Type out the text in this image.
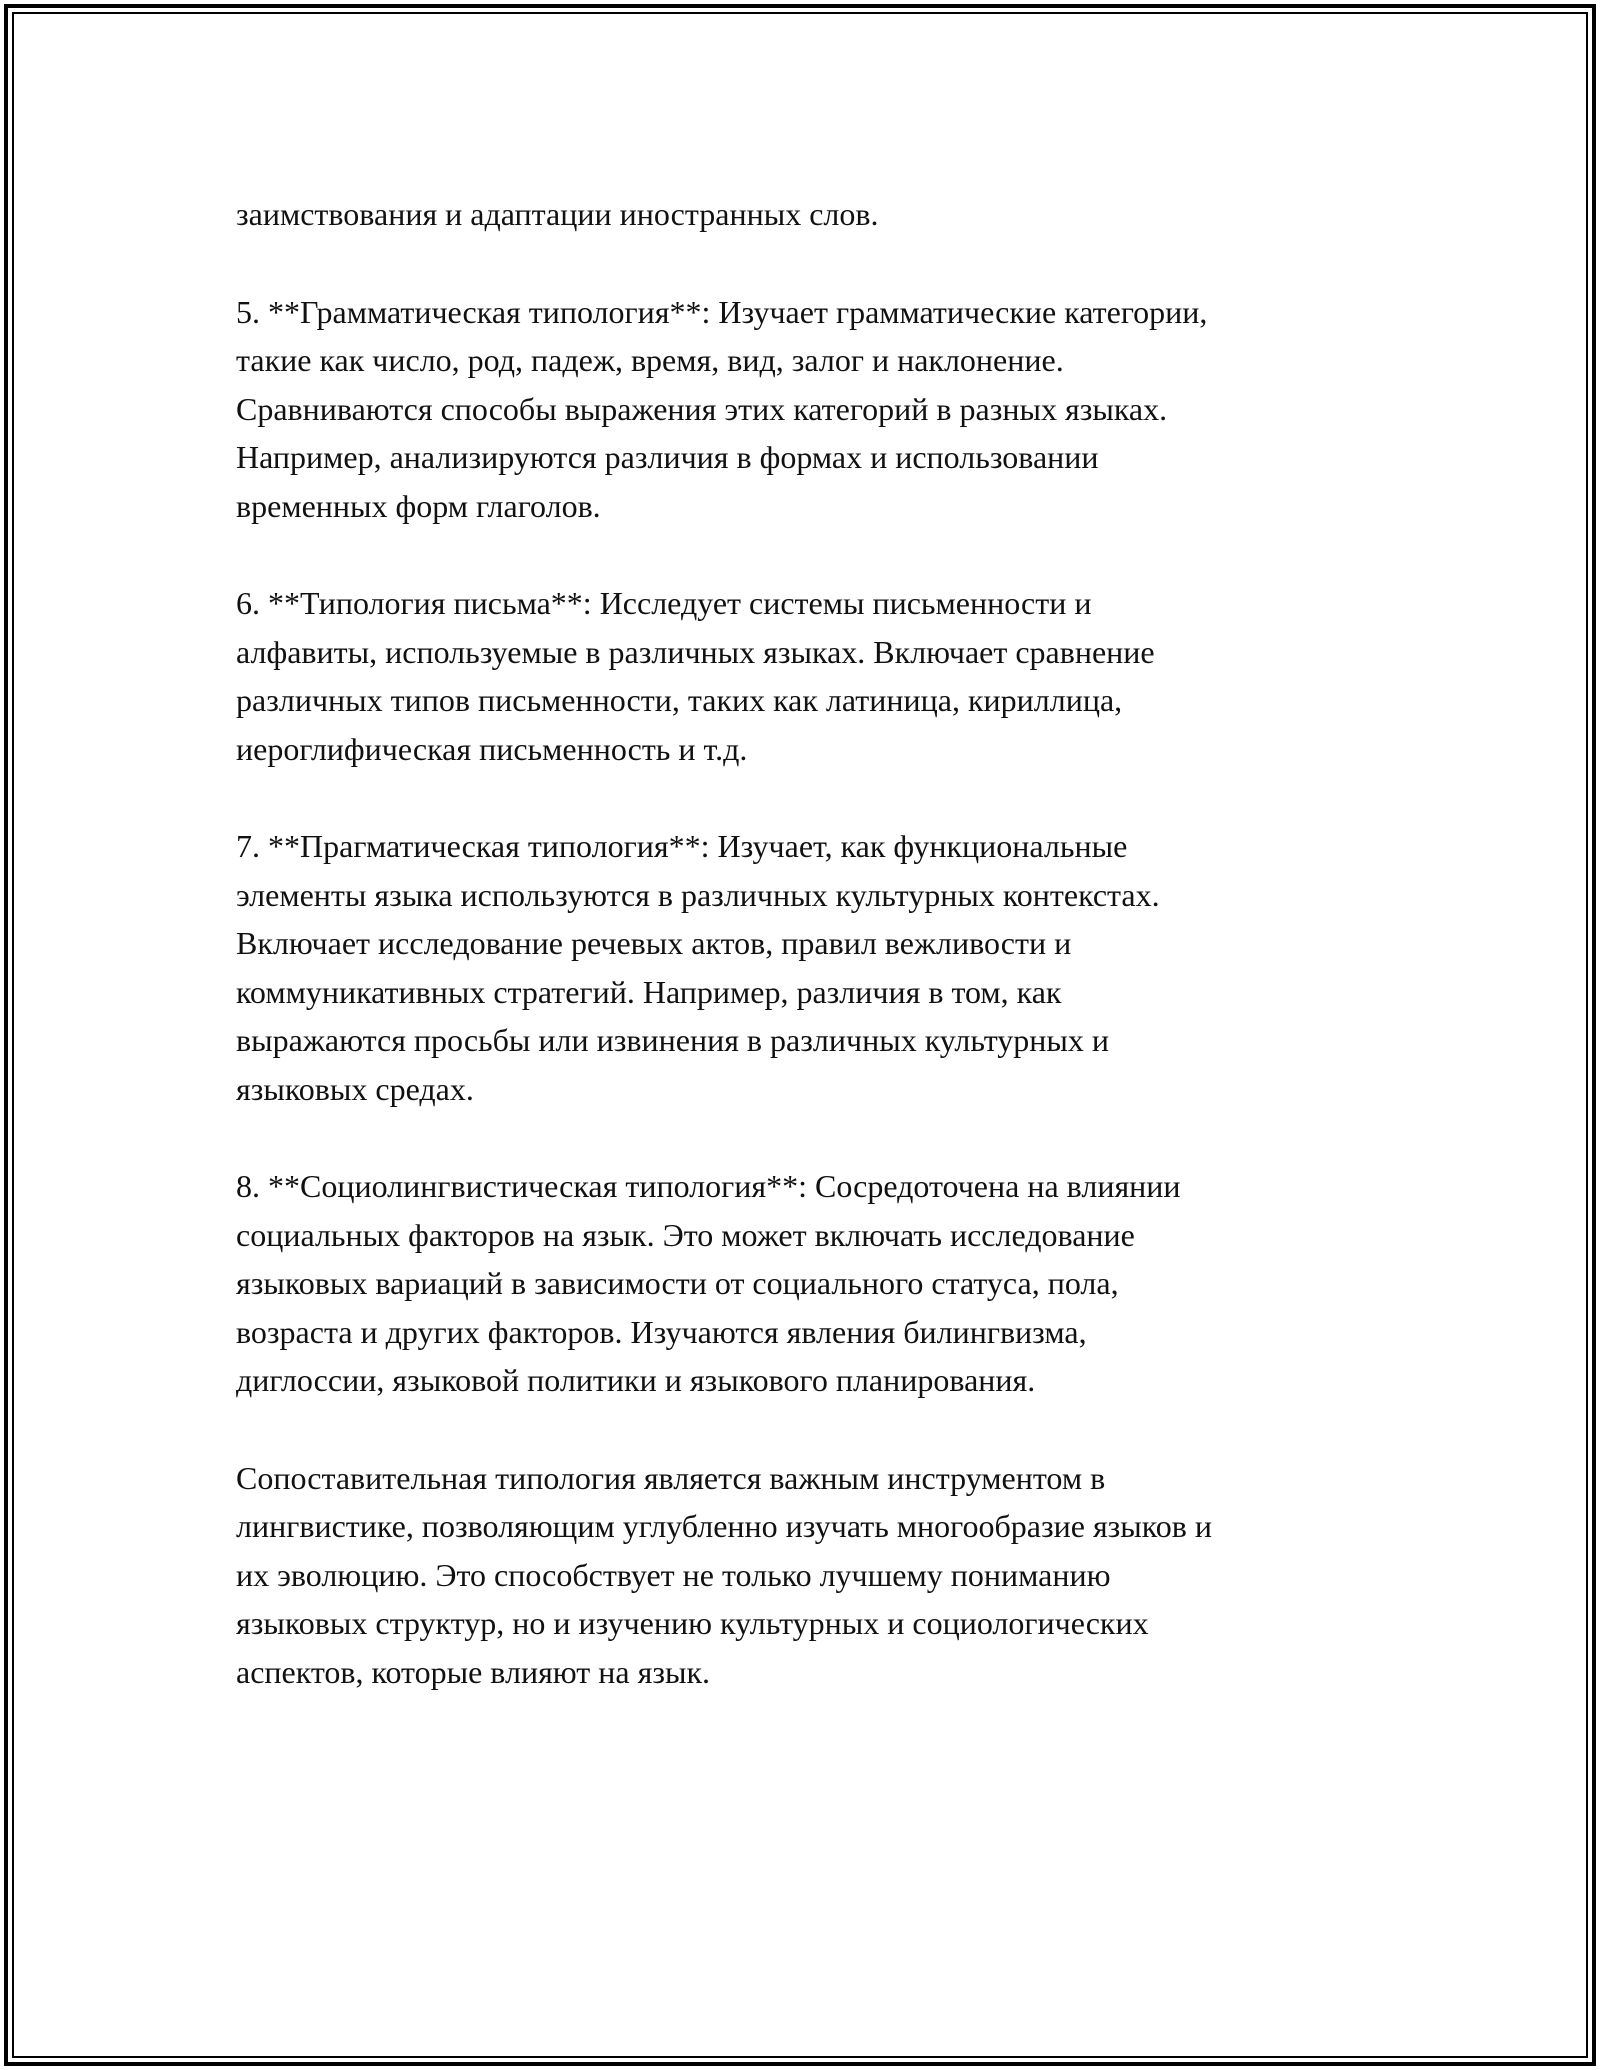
заимствования и адаптации иностранных слов.

5. **Грамматическая типология**: Изучает грамматические категории,
такие как число, род, падеж, время, вид, залог и наклонение.
Сравниваются способы выражения этих категорий в разных языках.
Например, анализируются различия в формах и использовании
временных форм глаголов.

6. **Типология письма**: Исследует системы письменности и
алфавиты, используемые в различных языках. Включает сравнение
различных типов письменности, таких как латиница, кириллица,
иероглифическая письменность и т.д.

7. **Прагматическая типология**: Изучает, как функциональные
элементы языка используются в различных культурных контекстах.
Включает исследование речевых актов, правил вежливости и
коммуникативных стратегий. Например, различия в том, как
выражаются просьбы или извинения в различных культурных и
языковых средах.

8. **Социолингвистическая типология**: Сосредоточена на влиянии
социальных факторов на язык. Это может включать исследование
языковых вариаций в зависимости от социального статуса, пола,
возраста и других факторов. Изучаются явления билингвизма,
диглоссии, языковой политики и языкового планирования.

Сопоставительная типология является важным инструментом в
лингвистике, позволяющим углубленно изучать многообразие языков и
их эволюцию. Это способствует не только лучшему пониманию
языковых структур, но и изучению культурных и социологических
аспектов, которые влияют на язык.
